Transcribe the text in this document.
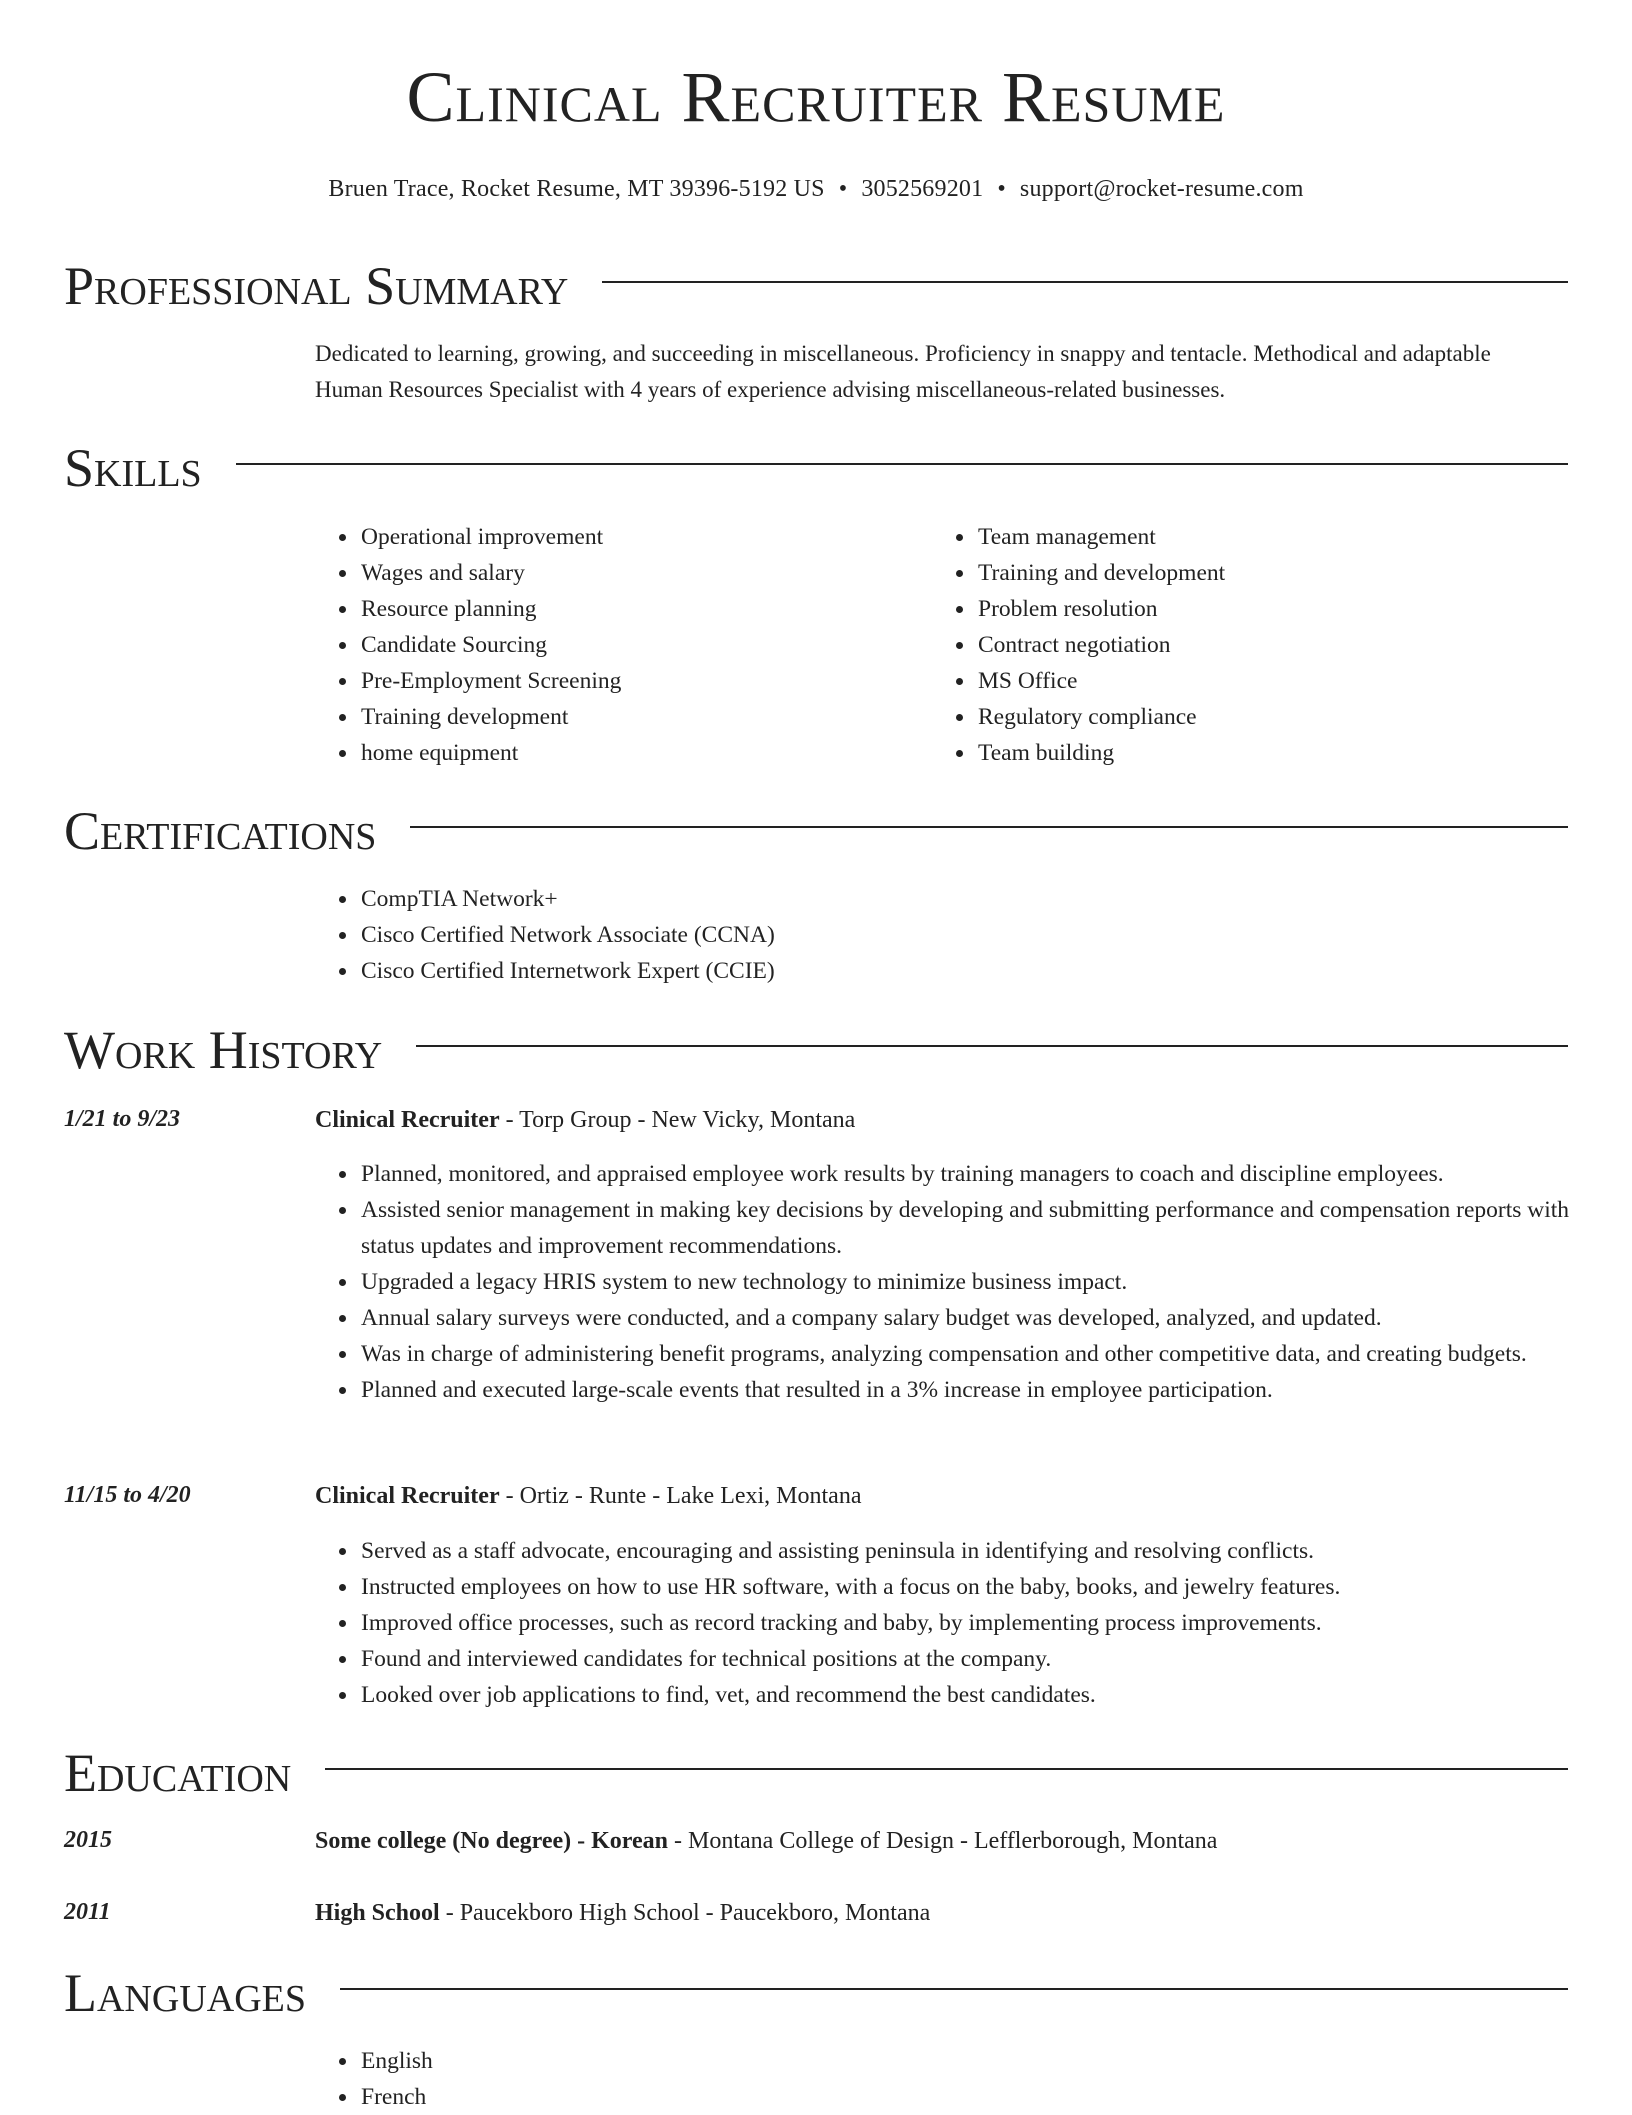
Clinical Recruiter Resume
Bruen Trace, Rocket Resume, MT 39396-5192 US • 3052569201 • support@rocket-resume.com
Professional Summary
Dedicated to learning, growing, and succeeding in miscellaneous. Proficiency in snappy and tentacle. Methodical and adaptable Human Resources Specialist with 4 years of experience advising miscellaneous-related businesses.
Skills
• Operational improvement
• Wages and salary
• Resource planning
• Candidate Sourcing
• Pre-Employment Screening
• Training development
• home equipment
• Team management
• Training and development
• Problem resolution
• Contract negotiation
• MS Office
• Regulatory compliance
• Team building
Certifications
• CompTIA Network+
• Cisco Certified Network Associate (CCNA)
• Cisco Certified Internetwork Expert (CCIE)
Work History
1/21 to 9/23	Clinical Recruiter - Torp Group - New Vicky, Montana
• Planned, monitored, and appraised employee work results by training managers to coach and discipline employees.
• Assisted senior management in making key decisions by developing and submitting performance and compensation reports with status updates and improvement recommendations.
• Upgraded a legacy HRIS system to new technology to minimize business impact.
• Annual salary surveys were conducted, and a company salary budget was developed, analyzed, and updated.
• Was in charge of administering benefit programs, analyzing compensation and other competitive data, and creating budgets.
• Planned and executed large-scale events that resulted in a 3% increase in employee participation.
11/15 to 4/20	Clinical Recruiter - Ortiz - Runte - Lake Lexi, Montana
• Served as a staff advocate, encouraging and assisting peninsula in identifying and resolving conflicts.
• Instructed employees on how to use HR software, with a focus on the baby, books, and jewelry features.
• Improved office processes, such as record tracking and baby, by implementing process improvements.
• Found and interviewed candidates for technical positions at the company.
• Looked over job applications to find, vet, and recommend the best candidates.
Education
2015	Some college (No degree) - Korean - Montana College of Design - Lefflerborough, Montana
2011	High School - Paucekboro High School - Paucekboro, Montana
Languages
• English
• French
